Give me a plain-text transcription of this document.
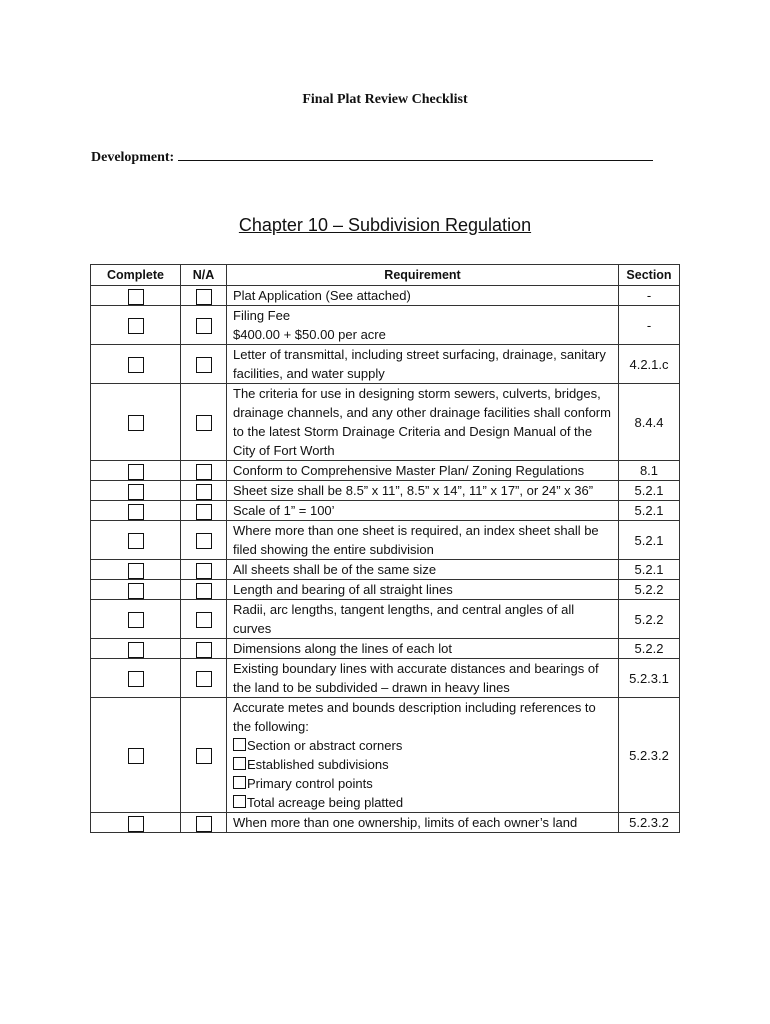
Final Plat Review Checklist
Development:
Chapter 10 – Subdivision Regulation
Complete	N/A	Requirement	Section

		Plat Application (See attached)	-

		Filing Fee
$400.00 + $50.00 per acre	-

		Letter of transmittal, including street surfacing, drainage, sanitary facilities, and water supply	4.2.1.c

		The criteria for use in designing storm sewers, culverts, bridges, drainage channels, and any other drainage facilities shall conform to the latest Storm Drainage Criteria and Design Manual of the City of Fort Worth	8.4.4

		Conform to Comprehensive Master Plan/ Zoning Regulations	8.1

		Sheet size shall be 8.5” x 11”, 8.5” x 14”, 11” x 17”, or 24” x 36”	5.2.1

		Scale of 1” = 100’	5.2.1

		Where more than one sheet is required, an index sheet shall be filed showing the entire subdivision	5.2.1

		All sheets shall be of the same size	5.2.1

		Length and bearing of all straight lines	5.2.2

		Radii, arc lengths, tangent lengths, and central angles of all curves	5.2.2

		Dimensions along the lines of each lot	5.2.2

		Existing boundary lines with accurate distances and bearings of the land to be subdivided – drawn in heavy lines	5.2.3.1

		Accurate metes and bounds description including references to the following:
Section or abstract corners
Established subdivisions
Primary control points
Total acreage being platted	5.2.3.2

		When more than one ownership, limits of each owner’s land	5.2.3.2
